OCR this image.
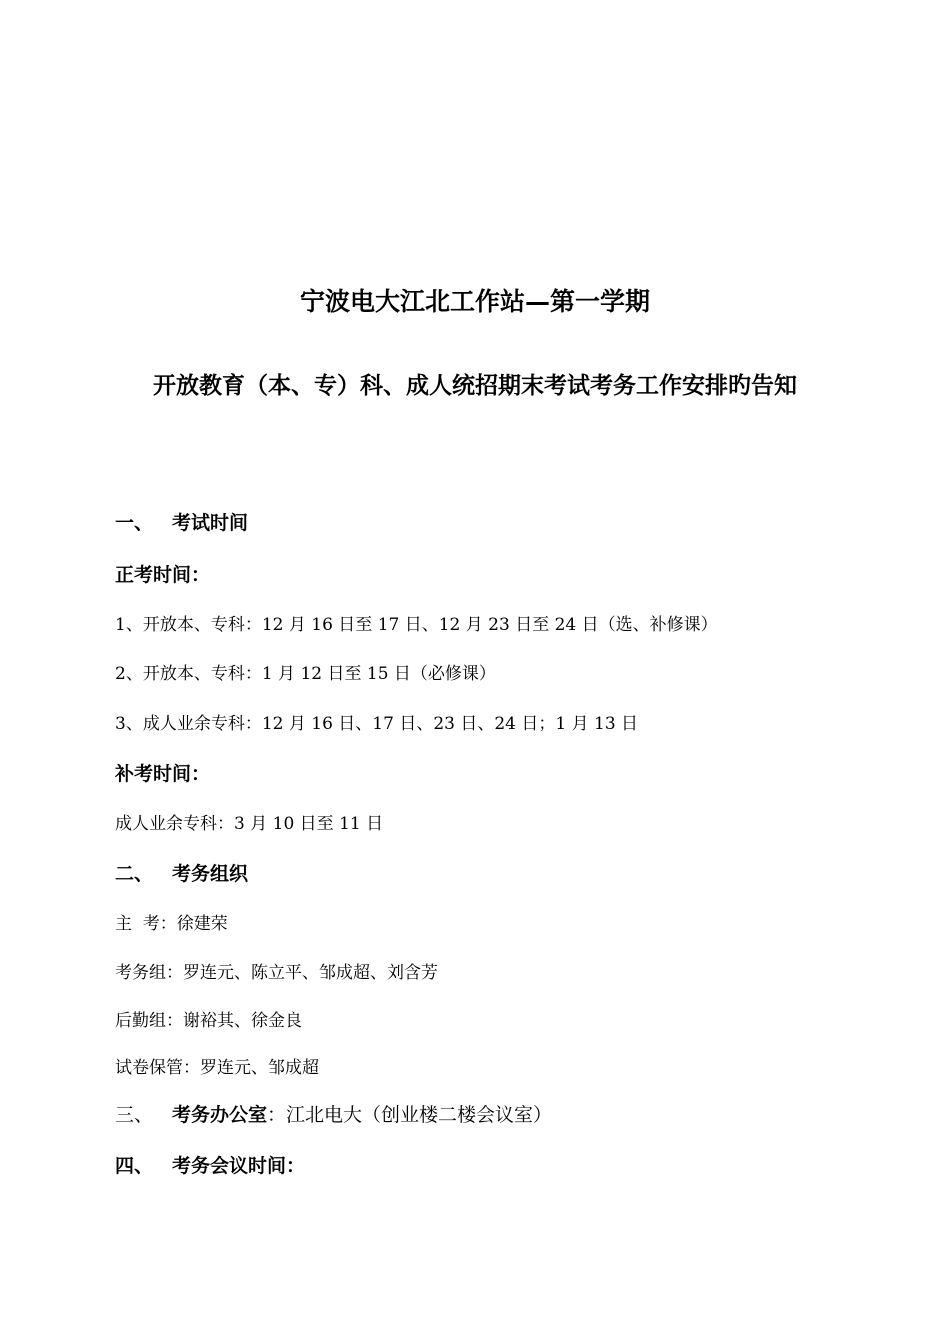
宁波电大江北工作站—第一学期
开放教育（本、专）科、成人统招期末考试考务工作安排旳告知
一、 考试时间
正考时间：
1、开放本、专科：12 月 16 日至 17 日、12 月 23 日至 24 日（选、补修课）
2、开放本、专科：1 月 12 日至 15 日（必修课）
3、成人业余专科：12 月 16 日、17 日、23 日、24 日；1 月 13 日
补考时间：
成人业余专科：3 月 10 日至 11 日
二、 考务组织
主  考：徐建荣
考务组：罗连元、陈立平、邹成超、刘含芳
后勤组：谢裕其、徐金良
试卷保管：罗连元、邹成超
三、 考务办公室：江北电大（创业楼二楼会议室）
四、 考务会议时间：
